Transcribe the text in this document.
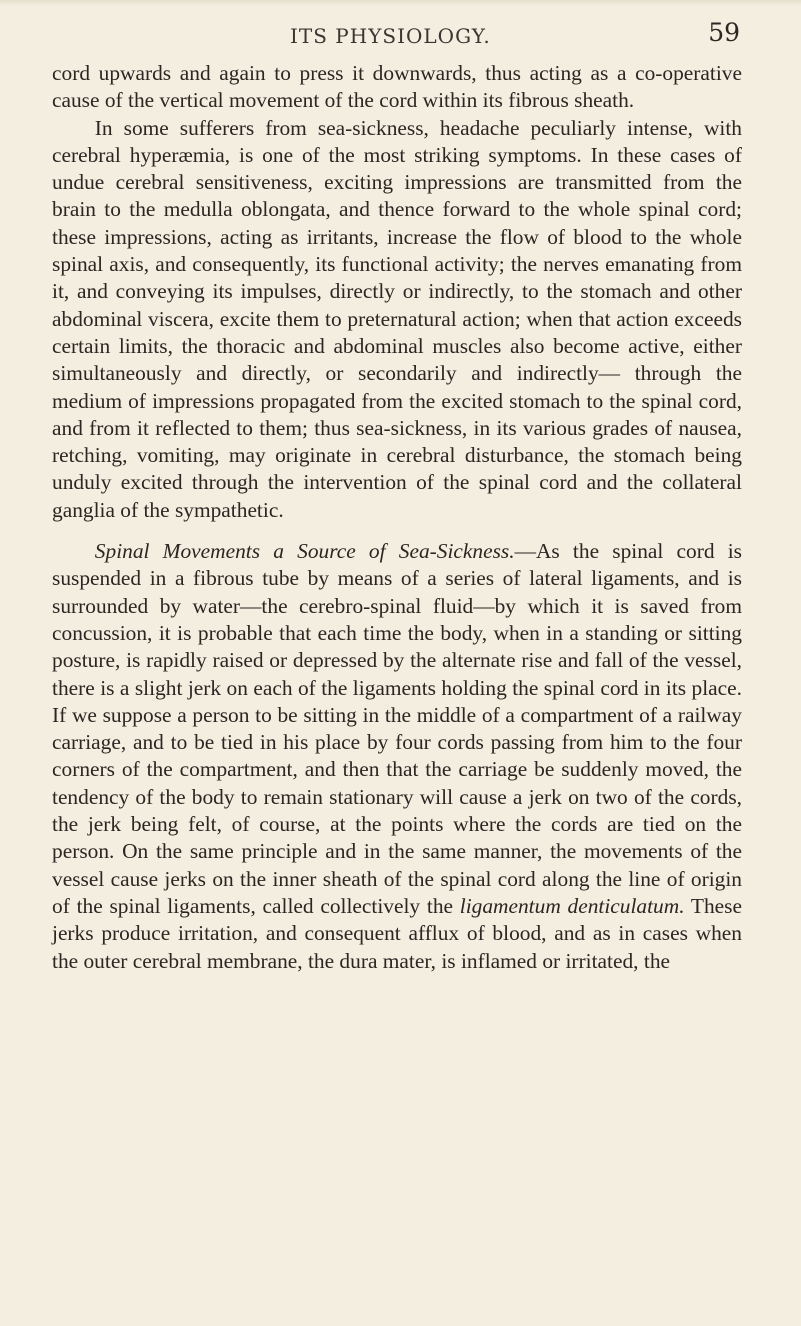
ITS PHYSIOLOGY.	59

cord upwards and again to press it downwards, thus acting as a co-operative cause of the vertical movement of the cord within its fibrous sheath.

In some sufferers from sea-sickness, headache peculiarly intense, with cerebral hyperæmia, is one of the most striking symptoms. In these cases of undue cerebral sensitiveness, exciting impressions are transmitted from the brain to the medulla oblongata, and thence forward to the whole spinal cord; these impressions, acting as irritants, increase the flow of blood to the whole spinal axis, and consequently, its functional activity; the nerves emanating from it, and conveying its impulses, directly or indirectly, to the stomach and other abdominal viscera, excite them to preternatural action; when that action exceeds certain limits, the thoracic and abdominal muscles also become active, either simultaneously and directly, or secondarily and indirectly— through the medium of impressions propagated from the excited stomach to the spinal cord, and from it reflected to them; thus sea-sickness, in its various grades of nausea, retching, vomiting, may originate in cerebral disturbance, the stomach being unduly excited through the intervention of the spinal cord and the collateral ganglia of the sympathetic.

Spinal Movements a Source of Sea-Sickness.—As the spinal cord is suspended in a fibrous tube by means of a series of lateral ligaments, and is surrounded by water—the cerebro-spinal fluid—by which it is saved from concussion, it is probable that each time the body, when in a standing or sitting posture, is rapidly raised or depressed by the alternate rise and fall of the vessel, there is a slight jerk on each of the ligaments holding the spinal cord in its place. If we suppose a person to be sitting in the middle of a compartment of a railway carriage, and to be tied in his place by four cords passing from him to the four corners of the compartment, and then that the carriage be suddenly moved, the tendency of the body to remain stationary will cause a jerk on two of the cords, the jerk being felt, of course, at the points where the cords are tied on the person. On the same principle and in the same manner, the movements of the vessel cause jerks on the inner sheath of the spinal cord along the line of origin of the spinal ligaments, called collectively the ligamentum denticulatum. These jerks produce irritation, and consequent afflux of blood, and as in cases when the outer cerebral membrane, the dura mater, is inflamed or irritated, the
